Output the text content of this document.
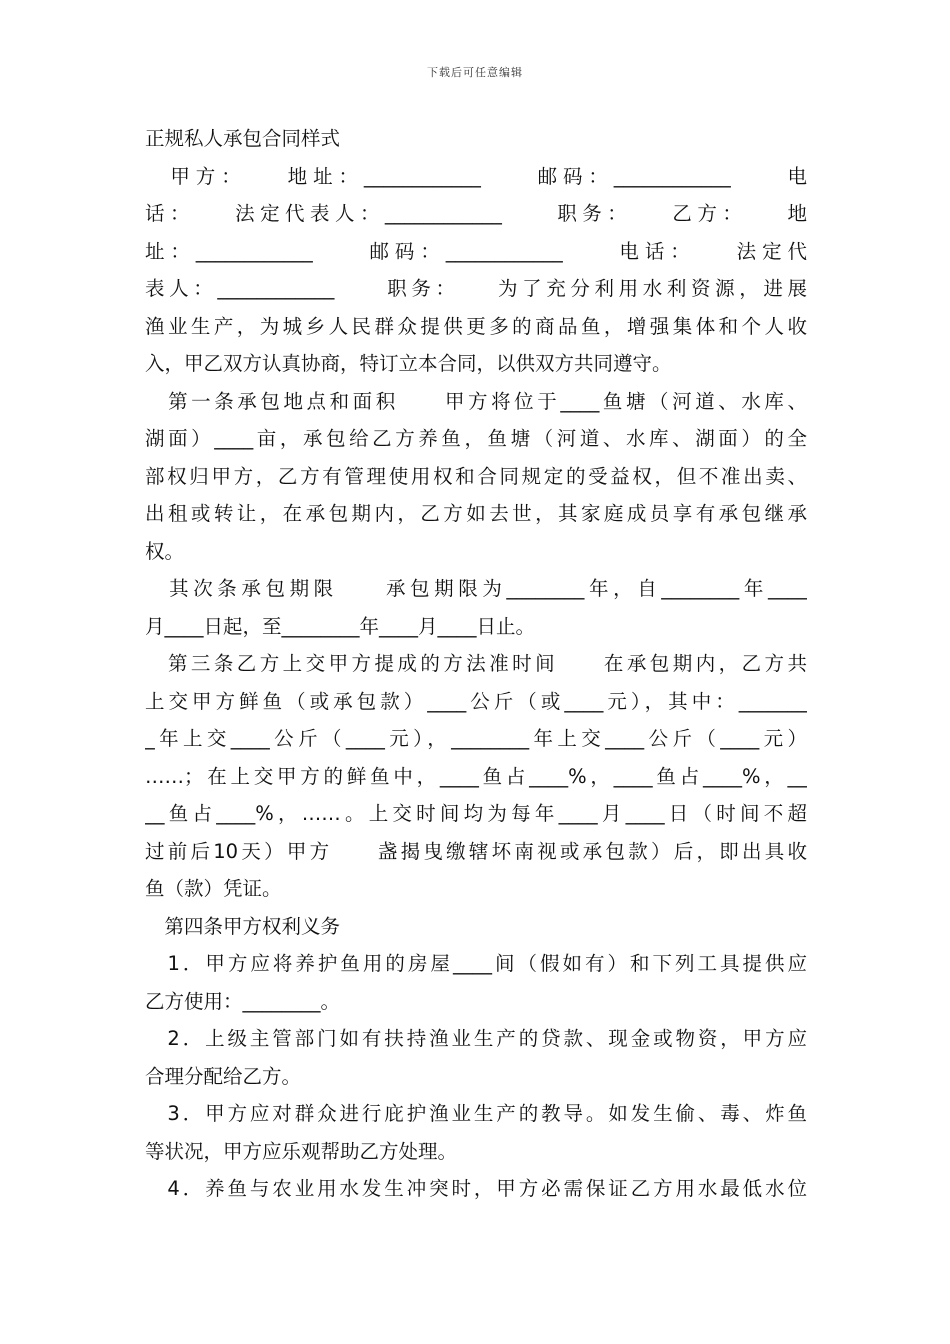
下载后可任意编辑
正规私人承包合同样式
　甲方：　　地址：____________　　邮码：____________　　电
话：　　法定代表人：____________　　职务：　　乙方：　　地
址：____________　　邮码：____________　　电话：　　法定代
表人：____________　　职务：　　为了充分利用水利资源，进展
渔业生产，为城乡人民群众提供更多的商品鱼，增强集体和个人收
入，甲乙双方认真协商，特订立本合同，以供双方共同遵守。
　第一条承包地点和面积　　甲方将位于____鱼塘（河道、水库、
湖面）____亩，承包给乙方养鱼，鱼塘（河道、水库、湖面）的全
部权归甲方，乙方有管理使用权和合同规定的受益权，但不准出卖、
出租或转让，在承包期内，乙方如去世，其家庭成员享有承包继承
权。
　其次条承包期限　　承包期限为________年，自________年____
月____日起，至________年____月____日止。
　第三条乙方上交甲方提成的方法准时间　　在承包期内，乙方共
上交甲方鲜鱼（或承包款）____公斤（或____元），其中：_______
_年上交____公斤（____元），________年上交____公斤（____元）
……；在上交甲方的鲜鱼中，____鱼占____%，____鱼占____%，__
__鱼占____%，……。上交时间均为每年____月____日（时间不超
过前后10天）甲方　　盏揭曳缴辖坏南视或承包款）后，即出具收
鱼（款）凭证。
　第四条甲方权利义务
　1．甲方应将养护鱼用的房屋____间（假如有）和下列工具提供应
乙方使用：________。
　2．上级主管部门如有扶持渔业生产的贷款、现金或物资，甲方应
合理分配给乙方。
　3．甲方应对群众进行庇护渔业生产的教导。如发生偷、毒、炸鱼
等状况，甲方应乐观帮助乙方处理。
　4．养鱼与农业用水发生冲突时，甲方必需保证乙方用水最低水位
